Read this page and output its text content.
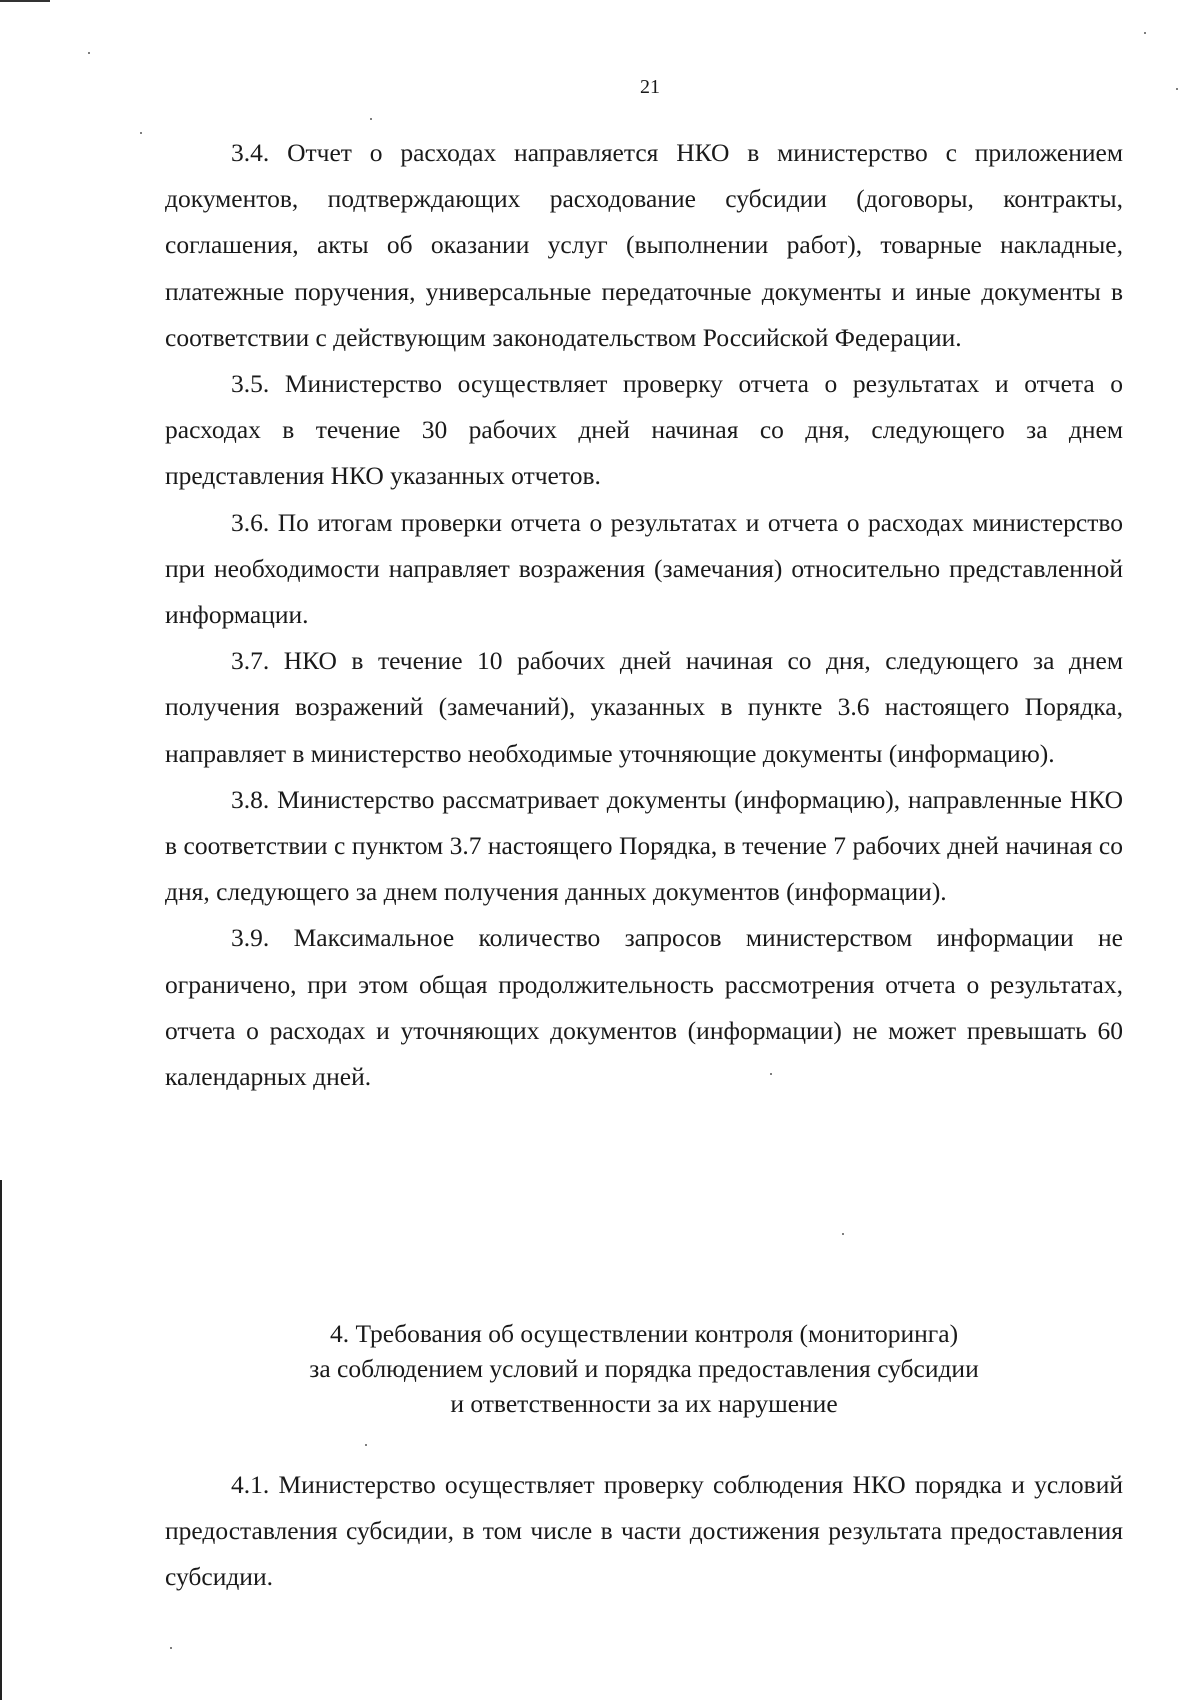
21

3.4. Отчет о расходах направляется НКО в министерство с приложением документов, подтверждающих расходование субсидии (договоры, контракты, соглашения, акты об оказании услуг (выполнении работ), товарные накладные, платежные поручения, универсальные передаточные документы и иные документы в соответствии с действующим законодательством Российской Федерации.

3.5. Министерство осуществляет проверку отчета о результатах и отчета о расходах в течение 30 рабочих дней начиная со дня, следующего за днем представления НКО указанных отчетов.

3.6. По итогам проверки отчета о результатах и отчета о расходах министерство при необходимости направляет возражения (замечания) относительно представленной информации.

3.7. НКО в течение 10 рабочих дней начиная со дня, следующего за днем получения возражений (замечаний), указанных в пункте 3.6 настоящего Порядка, направляет в министерство необходимые уточняющие документы (информацию).

3.8. Министерство рассматривает документы (информацию), направленные НКО в соответствии с пунктом 3.7 настоящего Порядка, в течение 7 рабочих дней начиная со дня, следующего за днем получения данных документов (информации).

3.9. Максимальное количество запросов министерством информации не ограничено, при этом общая продолжительность рассмотрения отчета о результатах, отчета о расходах и уточняющих документов (информации) не может превышать 60 календарных дней.

4. Требования об осуществлении контроля (мониторинга)
за соблюдением условий и порядка предоставления субсидии
и ответственности за их нарушение

4.1. Министерство осуществляет проверку соблюдения НКО порядка и условий предоставления субсидии, в том числе в части достижения результата предоставления субсидии.
